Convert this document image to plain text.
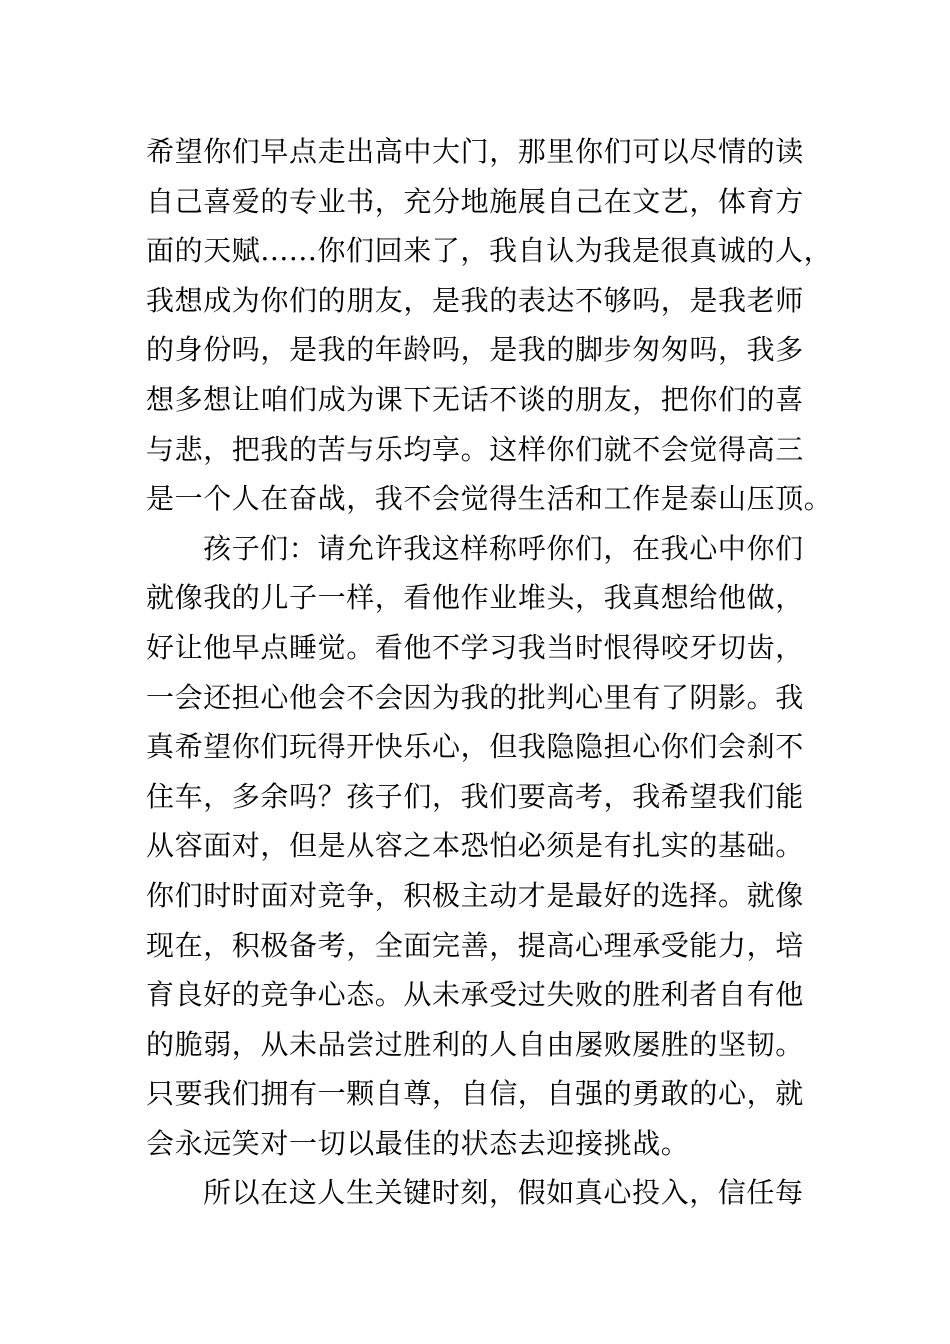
希望你们早点走出高中大门，那里你们可以尽情的读
自己喜爱的专业书，充分地施展自己在文艺，体育方
面的天赋......你们回来了，我自认为我是很真诚的人，
我想成为你们的朋友，是我的表达不够吗，是我老师
的身份吗，是我的年龄吗，是我的脚步匆匆吗，我多
想多想让咱们成为课下无话不谈的朋友，把你们的喜
与悲，把我的苦与乐均享。这样你们就不会觉得高三
是一个人在奋战，我不会觉得生活和工作是泰山压顶。
孩子们：请允许我这样称呼你们，在我心中你们
就像我的儿子一样，看他作业堆头，我真想给他做，
好让他早点睡觉。看他不学习我当时恨得咬牙切齿，
一会还担心他会不会因为我的批判心里有了阴影。我
真希望你们玩得开快乐心，但我隐隐担心你们会刹不
住车，多余吗？孩子们，我们要高考，我希望我们能
从容面对，但是从容之本恐怕必须是有扎实的基础。
你们时时面对竞争，积极主动才是最好的选择。就像
现在，积极备考，全面完善，提高心理承受能力，培
育良好的竞争心态。从未承受过失败的胜利者自有他
的脆弱，从未品尝过胜利的人自由屡败屡胜的坚韧。
只要我们拥有一颗自尊，自信，自强的勇敢的心，就
会永远笑对一切以最佳的状态去迎接挑战。
所以在这人生关键时刻，假如真心投入，信任每
